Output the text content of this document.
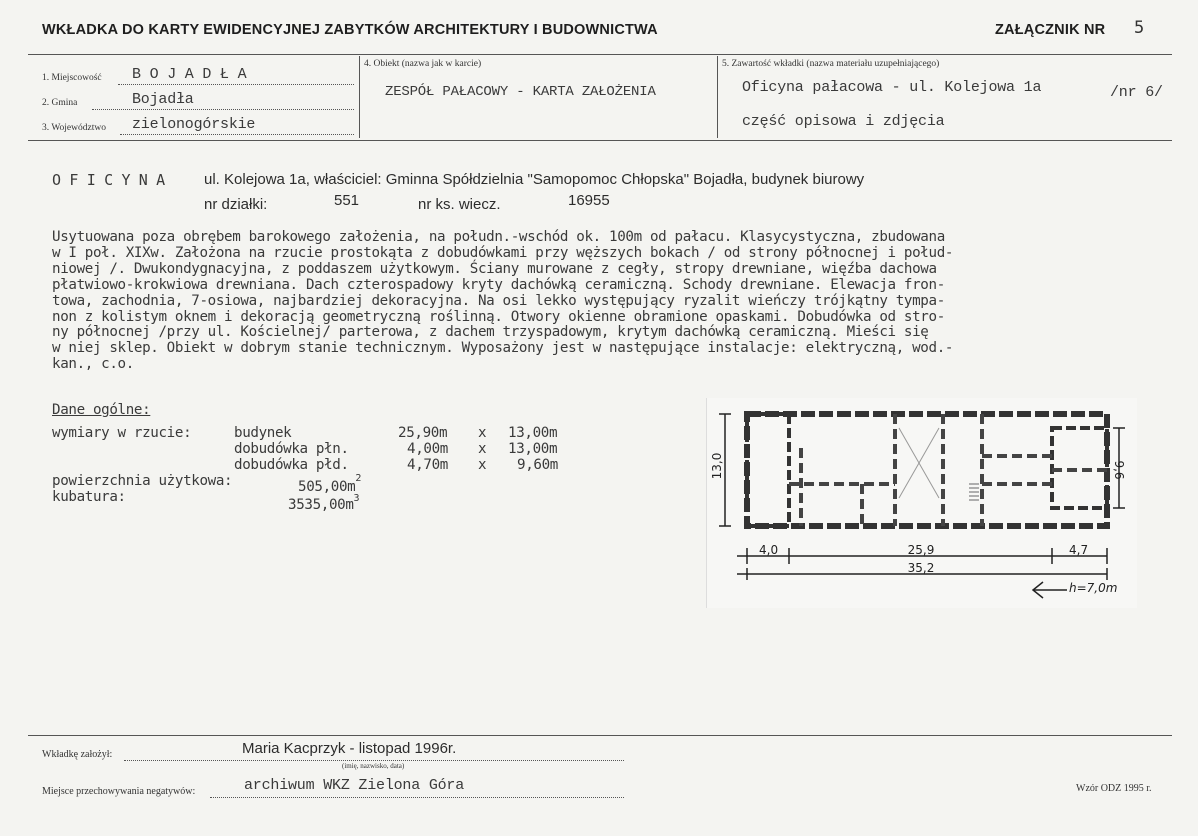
WKŁADKA DO KARTY EWIDENCYJNEJ ZABYTKÓW ARCHITEKTURY I BUDOWNICTWA	ZAŁĄCZNIK NR 5
1. Miejscowość B O J A D Ł A
2. Gmina	Bojadła
3. Województwo zielonogórskie
4. Obiekt (nazwa jak w karcie)
ZESPÓŁ PAŁACOWY - KARTA ZAŁOŻENIA
5. Zawartość wkładki (nazwa materiału uzupełniającego)
Oficyna pałacowa - ul. Kolejowa 1a	/nr 6/
część opisowa i zdjęcia
O F I C Y N A	ul. Kolejowa 1a, właściciel: Gminna Spółdzielnia "Samopomoc Chłopska" Bojadła, budynek biurowy
nr działki:	551	nr ks. wiecz.	16955
Usytuowana poza obrębem barokowego założenia, na połudn.-wschód ok. 100m od pałacu. Klasycystyczna, zbudowana
w I poł. XIXw. Założona na rzucie prostokąta z dobudówkami przy węższych bokach / od strony północnej i połud-
niowej /. Dwukondygnacyjna, z poddaszem użytkowym. Ściany murowane z cegły, stropy drewniane, więźba dachowa
płatwiowo-krokwiowa drewniana. Dach czterospadowy kryty dachówką ceramiczną. Schody drewniane. Elewacja fron-
towa, zachodnia, 7-osiowa, najbardziej dekoracyjna. Na osi lekko występujący ryzalit wieńczy trójkątny tympa-
non z kolistym oknem i dekoracją geometryczną roślinną. Otwory okienne obramione opaskami. Dobudówka od stro-
ny północnej /przy ul. Kościelnej/ parterowa, z dachem trzyspadowym, krytym dachówką ceramiczną. Mieści się
w niej sklep. Obiekt w dobrym stanie technicznym. Wyposażony jest w następujące instalacje: elektryczną, wod.-
kan., c.o.
Dane ogólne:
wymiary w rzucie:	budynek	25,90m x 13,00m
dobudówka płn.	4,00m x 13,00m
dobudówka płd.	4,70m x 9,60m
powierzchnia użytkowa:	$505,00m^2$
kubatura:	$3535,00m^3$
13,0	9,6
4,0	25,9	4,7
35,2
h=7,0m
Wkładkę założył:	Maria Kacprzyk - listopad 1996r.
(imię, nazwisko, data)
Miejsce przechowywania negatywów:	archiwum WKZ Zielona Góra	Wzór ODZ 1995 r.
